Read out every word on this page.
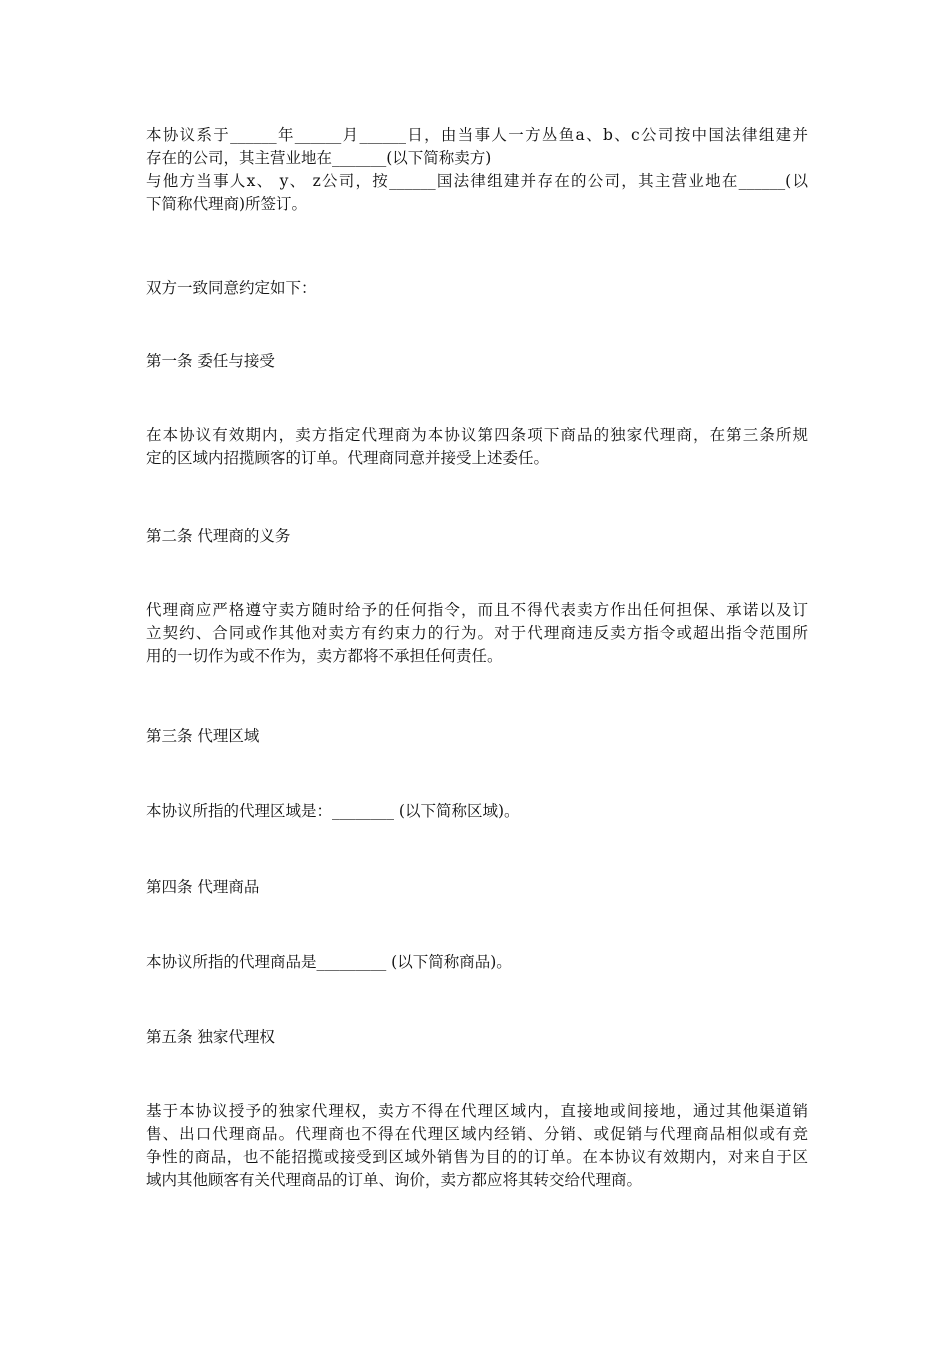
本协议系于______年______月______日，由当事人一方丛鱼a、b、c公司按中国法律组建并
存在的公司，其主营业地在_______(以下简称卖方)
与他方当事人x、 y、 z公司，按______国法律组建并存在的公司，其主营业地在______(以
下简称代理商)所签订。
双方一致同意约定如下：
第一条 委任与接受
在本协议有效期内，卖方指定代理商为本协议第四条项下商品的独家代理商，在第三条所规
定的区域内招揽顾客的订单。代理商同意并接受上述委任。
第二条 代理商的义务
代理商应严格遵守卖方随时给予的任何指令，而且不得代表卖方作出任何担保、承诺以及订
立契约、合同或作其他对卖方有约束力的行为。对于代理商违反卖方指令或超出指令范围所
用的一切作为或不作为，卖方都将不承担任何责任。
第三条 代理区域
本协议所指的代理区域是：________ (以下简称区域)。
第四条 代理商品
本协议所指的代理商品是_________ (以下简称商品)。
第五条 独家代理权
基于本协议授予的独家代理权，卖方不得在代理区域内，直接地或间接地，通过其他渠道销
售、出口代理商品。代理商也不得在代理区域内经销、分销、或促销与代理商品相似或有竞
争性的商品，也不能招揽或接受到区域外销售为目的的订单。在本协议有效期内，对来自于区
域内其他顾客有关代理商品的订单、询价，卖方都应将其转交给代理商。
